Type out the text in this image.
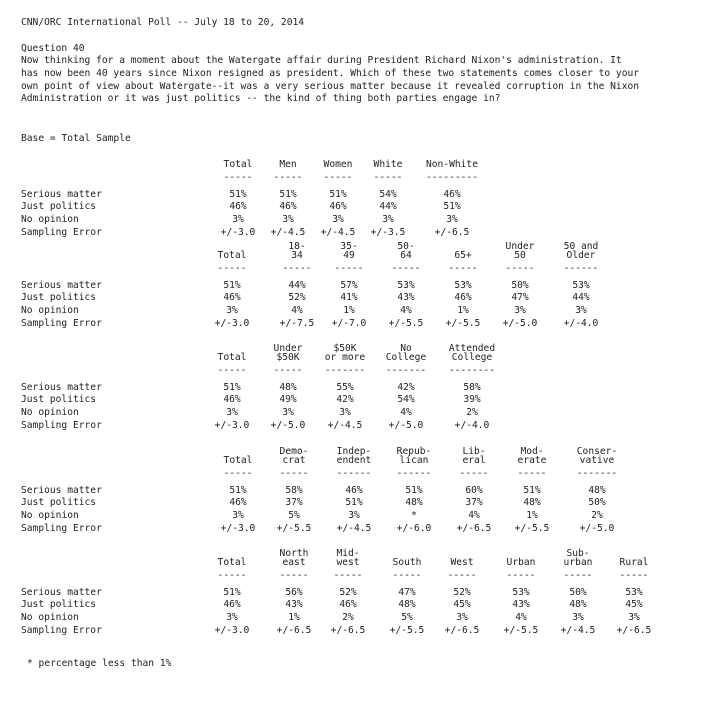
CNN/ORC International Poll -- July 18 to 20, 2014
Question 40
Now thinking for a moment about the Watergate affair during President Richard Nixon's administration. It has now been 40 years since Nixon resigned as president. Which of these two statements comes closer to your own point of view about Watergate--it was a very serious matter because it revealed corruption in the Nixon Administration or it was just politics -- the kind of thing both parties engage in?
Base = Total Sample
Serious matter
Just politics
No opinion
Sampling Error
Total
-----
51%
46%
3%
+/-3.0
Men
-----
51%
46%
3%
+/-4.5
Women
-----
51%
46%
3%
+/-4.5
White
-----
54%
44%
3%
+/-3.5
Non-White
---------
46%
51%
3%
+/-6.5
Serious matter
Just politics
No opinion
Sampling Error
Total
-----
51%
46%
3%
+/-3.0
18-
34
-----
44%
52%
4%
+/-7.5
35-
49
-----
57%
41%
1%
+/-7.0
50-
64
-----
53%
43%
4%
+/-5.5
65+
-----
53%
46%
1%
+/-5.5
Under
50
-----
50%
47%
3%
+/-5.0
50 and
Older
------
53%
44%
3%
+/-4.0
Serious matter
Just politics
No opinion
Sampling Error
Total
-----
51%
46%
3%
+/-3.0
Under
$50K
-----
48%
49%
3%
+/-5.0
$50K
or more
-------
55%
42%
3%
+/-4.5
No
College
-------
42%
54%
4%
+/-5.0
Attended
College
--------
58%
39%
2%
+/-4.0
Serious matter
Just politics
No opinion
Sampling Error
Total
-----
51%
46%
3%
+/-3.0
Demo-
crat
-----
58%
37%
5%
+/-5.5
Indep-
endent
------
46%
51%
3%
+/-4.5
Repub-
lican
------
51%
48%
*
+/-6.0
Lib-
eral
-----
60%
37%
4%
+/-6.5
Mod-
erate
-----
51%
48%
1%
+/-5.5
Conser-
vative
-------
48%
50%
2%
+/-5.0
Serious matter
Just politics
No opinion
Sampling Error
Total
-----
51%
46%
3%
+/-3.0
North
east
-----
56%
43%
1%
+/-6.5
Mid-
west
-----
52%
46%
2%
+/-6.5
South
-----
47%
48%
5%
+/-5.5
West
-----
52%
45%
3%
+/-6.5
Urban
-----
53%
43%
4%
+/-5.5
Sub-
urban
-----
50%
48%
3%
+/-4.5
Rural
-----
53%
45%
3%
+/-6.5
* percentage less than 1%
